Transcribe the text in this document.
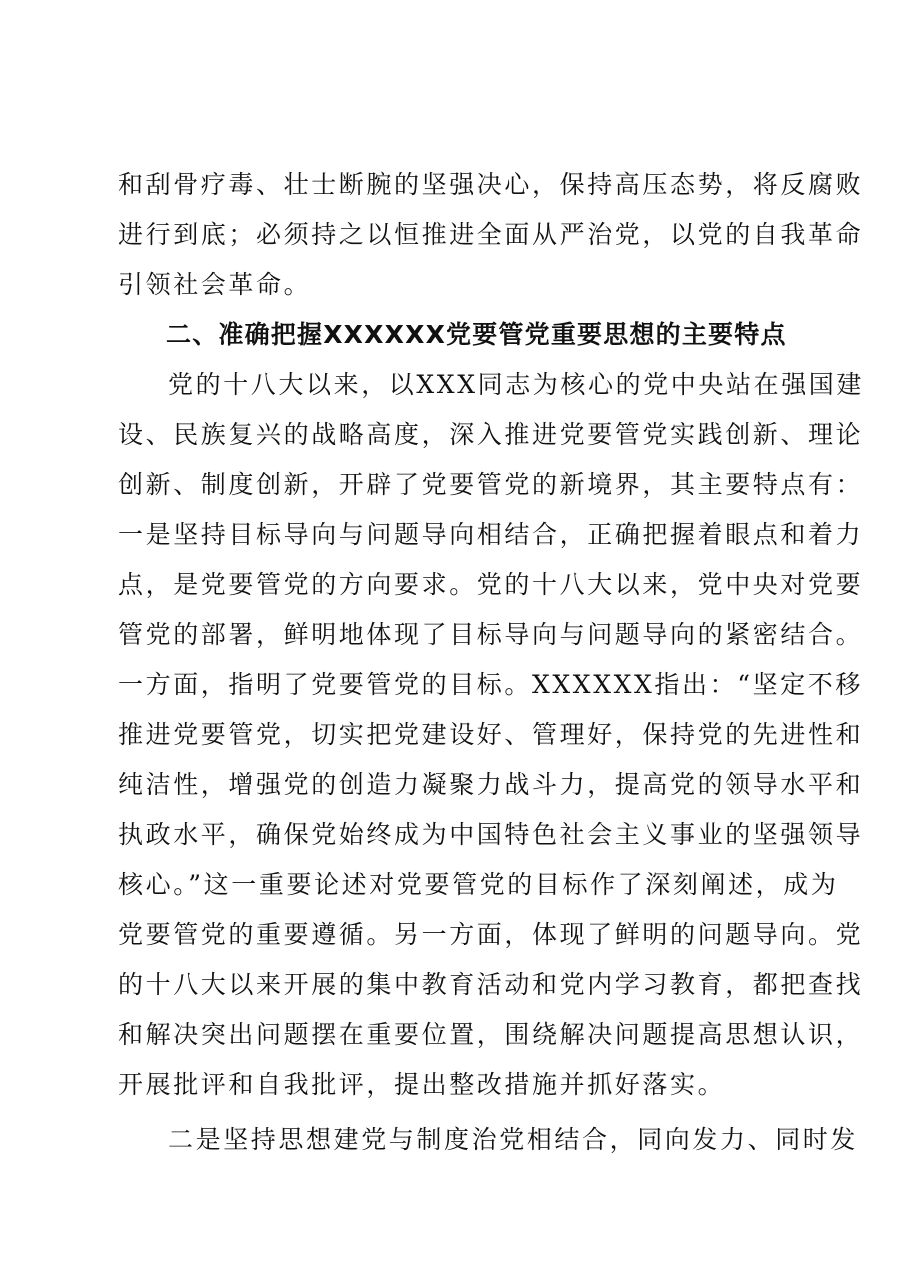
和刮骨疗毒、壮士断腕的坚强决心，保持高压态势，将反腐败
进行到底；必须持之以恒推进全面从严治党，以党的自我革命
引领社会革命。
二、准确把握XXXXXX党要管党重要思想的主要特点
党的十八大以来，以XXX同志为核心的党中央站在强国建
设、民族复兴的战略高度，深入推进党要管党实践创新、理论
创新、制度创新，开辟了党要管党的新境界，其主要特点有：
一是坚持目标导向与问题导向相结合，正确把握着眼点和着力
点，是党要管党的方向要求。党的十八大以来，党中央对党要
管党的部署，鲜明地体现了目标导向与问题导向的紧密结合。
一方面，指明了党要管党的目标。XXXXXX指出：“坚定不移
推进党要管党，切实把党建设好、管理好，保持党的先进性和
纯洁性，增强党的创造力凝聚力战斗力，提高党的领导水平和
执政水平，确保党始终成为中国特色社会主义事业的坚强领导
核心。”这一重要论述对党要管党的目标作了深刻阐述，成为
党要管党的重要遵循。另一方面，体现了鲜明的问题导向。党
的十八大以来开展的集中教育活动和党内学习教育，都把查找
和解决突出问题摆在重要位置，围绕解决问题提高思想认识，
开展批评和自我批评，提出整改措施并抓好落实。
二是坚持思想建党与制度治党相结合，同向发力、同时发
